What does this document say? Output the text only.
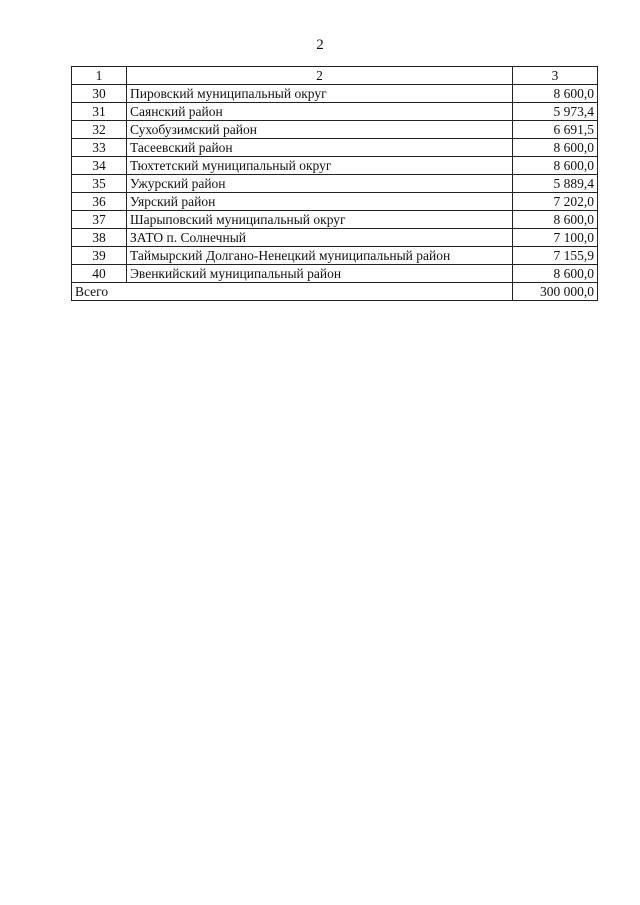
2
1	2	3
30	Пировский муниципальный округ	8 600,0
31	Саянский район	5 973,4
32	Сухобузимский район	6 691,5
33	Тасеевский район	8 600,0
34	Тюхтетский муниципальный округ	8 600,0
35	Ужурский район	5 889,4
36	Уярский район	7 202,0
37	Шарыповский муниципальный округ	8 600,0
38	ЗАТО п. Солнечный	7 100,0
39	Таймырский Долгано-Ненецкий муниципальный район	7 155,9
40	Эвенкийский муниципальный район	8 600,0
Всего		300 000,0
